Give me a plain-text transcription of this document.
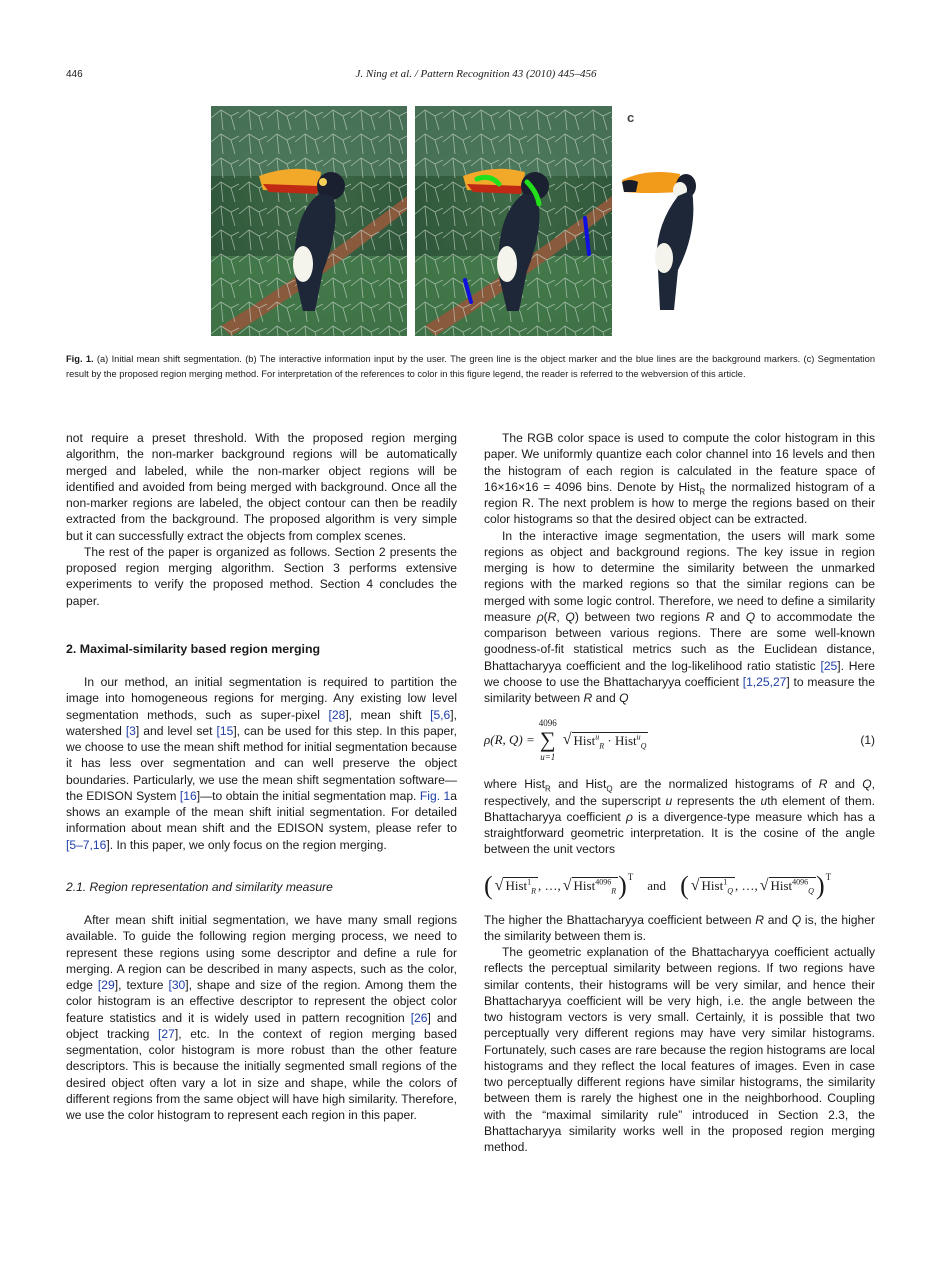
446	J. Ning et al. / Pattern Recognition 43 (2010) 445–456
c
Fig. 1. (a) Initial mean shift segmentation. (b) The interactive information input by the user. The green line is the object marker and the blue lines are the background markers. (c) Segmentation result by the proposed region merging method. For interpretation of the references to color in this figure legend, the reader is referred to the webversion of this article.

not require a preset threshold. With the proposed region merging algorithm, the non-marker background regions will be automatically merged and labeled, while the non-marker object regions will be identified and avoided from being merged with background. Once all the non-marker regions are labeled, the object contour can then be readily extracted from the background. The proposed algorithm is very simple but it can successfully extract the objects from complex scenes.

The rest of the paper is organized as follows. Section 2 presents the proposed region merging algorithm. Section 3 performs extensive experiments to verify the proposed method. Section 4 concludes the paper.

2. Maximal-similarity based region merging

In our method, an initial segmentation is required to partition the image into homogeneous regions for merging. Any existing low level segmentation methods, such as super-pixel [28], mean shift [5,6], watershed [3] and level set [15], can be used for this step. In this paper, we choose to use the mean shift method for initial segmentation because it has less over segmentation and can well preserve the object boundaries. Particularly, we use the mean shift segmentation software—the EDISON System [16]—to obtain the initial segmentation map. Fig. 1a shows an example of the mean shift initial segmentation. For detailed information about mean shift and the EDISON system, please refer to [5–7,16]. In this paper, we only focus on the region merging.

2.1. Region representation and similarity measure

After mean shift initial segmentation, we have many small regions available. To guide the following region merging process, we need to represent these regions using some descriptor and define a rule for merging. A region can be described in many aspects, such as the color, edge [29], texture [30], shape and size of the region. Among them the color histogram is an effective descriptor to represent the object color feature statistics and it is widely used in pattern recognition [26] and object tracking [27], etc. In the context of region merging based segmentation, color histogram is more robust than the other feature descriptors. This is because the initially segmented small regions of the desired object often vary a lot in size and shape, while the colors of different regions from the same object will have high similarity. Therefore, we use the color histogram to represent each region in this paper.

The RGB color space is used to compute the color histogram in this paper. We uniformly quantize each color channel into 16 levels and then the histogram of each region is calculated in the feature space of 16×16×16 = 4096 bins. Denote by Hist$_R$ the normalized histogram of a region R. The next problem is how to merge the regions based on their color histograms so that the desired object can be extracted.

In the interactive image segmentation, the users will mark some regions as object and background regions. The key issue in region merging is how to determine the similarity between the unmarked regions with the marked regions so that the similar regions can be merged with some logic control. Therefore, we need to define a similarity measure ρ(R, Q) between two regions R and Q to accommodate the comparison between various regions. There are some well-known goodness-of-fit statistical metrics such as the Euclidean distance, Bhattacharyya coefficient and the log-likelihood ratio statistic [25]. Here we choose to use the Bhattacharyya coefficient [1,25,27] to measure the similarity between R and Q

ρ(R, Q) =
4096
∑
u=1
√ Hist$^u_R$ · Hist$^u_Q$	(1)

where Hist$_R$ and Hist$_Q$ are the normalized histograms of R and Q, respectively, and the superscript u represents the uth element of them. Bhattacharyya coefficient ρ is a divergence-type measure which has a straightforward geometric interpretation. It is the cosine of the angle between the unit vectors

( √ Hist$^1_R$ , …, √ Hist$^{4096}_R$ ) T
and ( √ Hist$^1_Q$ , …, √ Hist$^{4096}_Q$ ) T

The higher the Bhattacharyya coefficient between R and Q is, the higher the similarity between them is.

The geometric explanation of the Bhattacharyya coefficient actually reflects the perceptual similarity between regions. If two regions have similar contents, their histograms will be very similar, and hence their Bhattacharyya coefficient will be very high, i.e. the angle between the two histogram vectors is very small. Certainly, it is possible that two perceptually very different regions may have very similar histograms. Fortunately, such cases are rare because the region histograms are local histograms and they reflect the local features of images. Even in case two perceptually different regions have similar histograms, the similarity between them is rarely the highest one in the neighborhood. Coupling with the “maximal similarity rule” introduced in Section 2.3, the Bhattacharyya similarity works well in the proposed region merging method.
